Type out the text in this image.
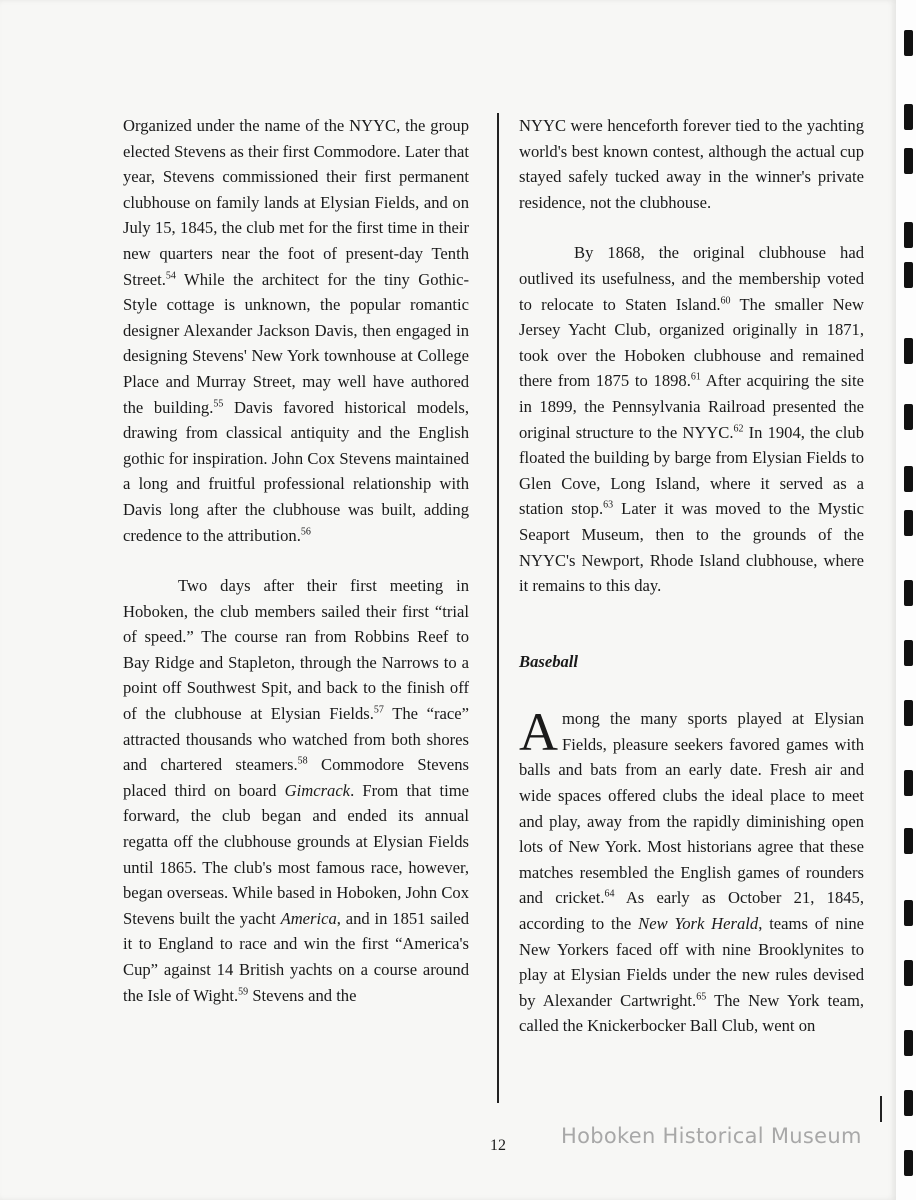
Organized under the name of the NYYC, the group elected Stevens as their first Commodore. Later that year, Stevens commissioned their first permanent clubhouse on family lands at Elysian Fields, and on July 15, 1845, the club met for the first time in their new quarters near the foot of present-day Tenth Street.$^{54}$ While the architect for the tiny Gothic-Style cottage is unknown, the popular romantic designer Alexander Jackson Davis, then engaged in designing Stevens' New York townhouse at College Place and Murray Street, may well have authored the building.$^{55}$ Davis favored historical models, drawing from classical antiquity and the English gothic for inspiration. John Cox Stevens maintained a long and fruitful professional relationship with Davis long after the clubhouse was built, adding credence to the attribution.$^{56}$

Two days after their first meeting in Hoboken, the club members sailed their first “trial of speed.” The course ran from Robbins Reef to Bay Ridge and Stapleton, through the Narrows to a point off Southwest Spit, and back to the finish off of the clubhouse at Elysian Fields.$^{57}$ The “race” attracted thousands who watched from both shores and chartered steamers.$^{58}$ Commodore Stevens placed third on board Gimcrack. From that time forward, the club began and ended its annual regatta off the clubhouse grounds at Elysian Fields until 1865. The club's most famous race, however, began overseas. While based in Hoboken, John Cox Stevens built the yacht America, and in 1851 sailed it to England to race and win the first “America's Cup” against 14 British yachts on a course around the Isle of Wight.$^{59}$ Stevens and the

NYYC were henceforth forever tied to the yachting world's best known contest, although the actual cup stayed safely tucked away in the winner's private residence, not the clubhouse.

By 1868, the original clubhouse had outlived its usefulness, and the membership voted to relocate to Staten Island.$^{60}$ The smaller New Jersey Yacht Club, organized originally in 1871, took over the Hoboken clubhouse and remained there from 1875 to 1898.61 After acquiring the site in 1899, the Pennsylvania Railroad presented the original structure to the NYYC.$^{62}$ In 1904, the club floated the building by barge from Elysian Fields to Glen Cove, Long Island, where it served as a station stop.$^{63}$ Later it was moved to the Mystic Seaport Museum, then to the grounds of the NYYC's Newport, Rhode Island clubhouse, where it remains to this day.

Baseball

Among the many sports played at Elysian Fields, pleasure seekers favored games with balls and bats from an early date. Fresh air and wide spaces offered clubs the ideal place to meet and play, away from the rapidly diminishing open lots of New York. Most historians agree that these matches resembled the English games of rounders and cricket.$^{64}$ As early as October 21, 1845, according to the New York Herald, teams of nine New Yorkers faced off with nine Brooklynites to play at Elysian Fields under the new rules devised by Alexander Cartwright.$^{65}$ The New York team, called the Knickerbocker Ball Club, went on

Hoboken Historical Museum
12
